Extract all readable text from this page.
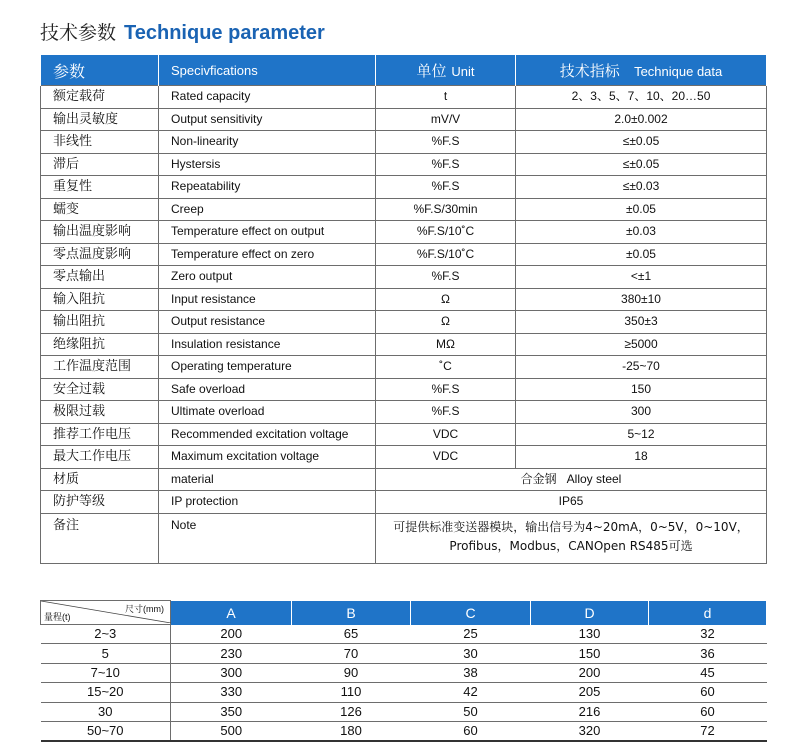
技术参数 Technique parameter
参数	Specivfications	单位 Unit	技术指标 Technique data
额定载荷	Rated capacity	t	2、3、5、7、10、20…50
输出灵敏度	Output sensitivity	mV/V	2.0±0.002
非线性	Non-linearity	%F.S	≤±0.05
滞后	Hystersis	%F.S	≤±0.05
重复性	Repeatability	%F.S	≤±0.03
蠕变	Creep	%F.S/30min	±0.05
输出温度影响	Temperature effect on output	%F.S/10˚C	±0.03
零点温度影响	Temperature effect on zero	%F.S/10˚C	±0.05
零点输出	Zero output	%F.S	<±1
输入阻抗	Input resistance	Ω	380±10
输出阻抗	Output resistance	Ω	350±3
绝缘阻抗	Insulation resistance	MΩ	≥5000
工作温度范围	Operating temperature	˚C	-25~70
安全过载	Safe overload	%F.S	150
极限过载	Ultimate overload	%F.S	300
推荐工作电压	Recommended excitation voltage	VDC	5~12
最大工作电压	Maximum excitation voltage	VDC	18
材质	material	合金钢 Alloy steel	
防护等级	IP protection	IP65	
备注	Note	可提供标准变送器模块，输出信号为4~20mA，0~5V，0~10V，
Profibus，Modbus，CANOpen RS485可选	
尺寸(mm)
量程(t)	A	B	C	D	d
2~3	200	65	25	130	32
5	230	70	30	150	36
7~10	300	90	38	200	45
15~20	330	110	42	205	60
30	350	126	50	216	60
50~70	500	180	60	320	72
